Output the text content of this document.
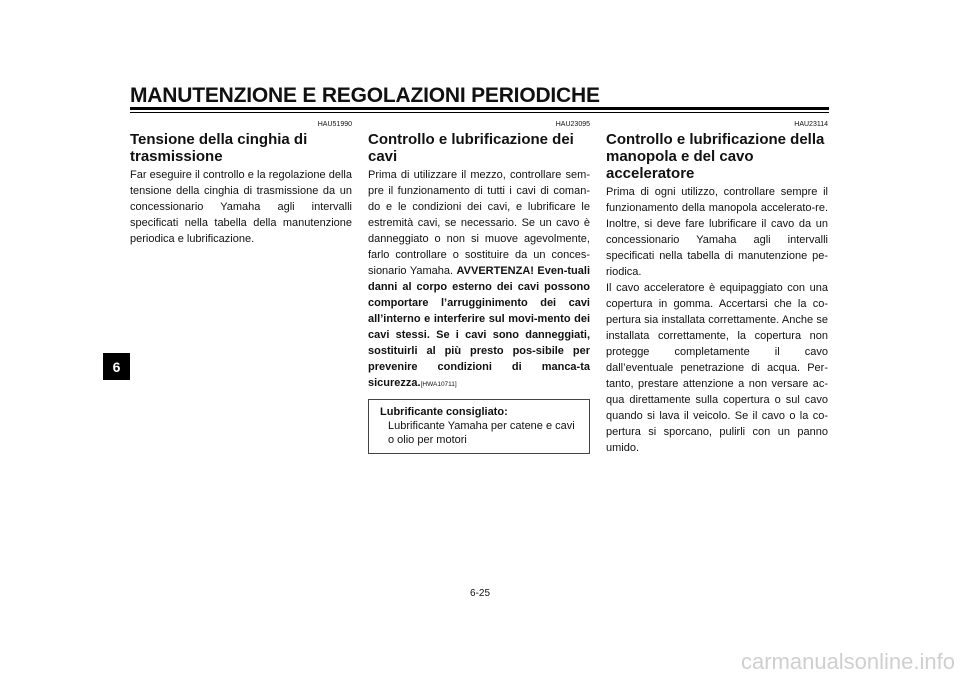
MANUTENZIONE E REGOLAZIONI PERIODICHE
6
HAU51990
Tensione della cinghia di trasmissione

Far eseguire il controllo e la regolazione della tensione della cinghia di trasmissione da un concessionario Yamaha agli intervalli specificati nella tabella della manutenzione periodica e lubrificazione.

HAU23095
Controllo e lubrificazione dei cavi

Prima di utilizzare il mezzo, controllare sem-pre il funzionamento di tutti i cavi di coman-do e le condizioni dei cavi, e lubrificare le estremità cavi, se necessario. Se un cavo è danneggiato o non si muove agevolmente, farlo controllare o sostituire da un conces-sionario Yamaha. AVVERTENZA! Even-tuali danni al corpo esterno dei cavi possono comportare l’arrugginimento dei cavi all’interno e interferire sul movi-mento dei cavi stessi. Se i cavi sono danneggiati, sostituirli al più presto pos-sibile per prevenire condizioni di manca-ta sicurezza.[HWA10711]

Lubrificante consigliato:
Lubrificante Yamaha per catene e cavi o olio per motori
HAU23114
Controllo e lubrificazione della manopola e del cavo acceleratore

Prima di ogni utilizzo, controllare sempre il funzionamento della manopola accelerato-re. Inoltre, si deve fare lubrificare il cavo da un concessionario Yamaha agli intervalli specificati nella tabella di manutenzione pe-riodica.

Il cavo acceleratore è equipaggiato con una copertura in gomma. Accertarsi che la co-pertura sia installata correttamente. Anche se installata correttamente, la copertura non protegge completamente il cavo dall’eventuale penetrazione di acqua. Per-tanto, prestare attenzione a non versare ac-qua direttamente sulla copertura o sul cavo quando si lava il veicolo. Se il cavo o la co-pertura si sporcano, pulirli con un panno umido.

6-25
carmanualsonline.info
